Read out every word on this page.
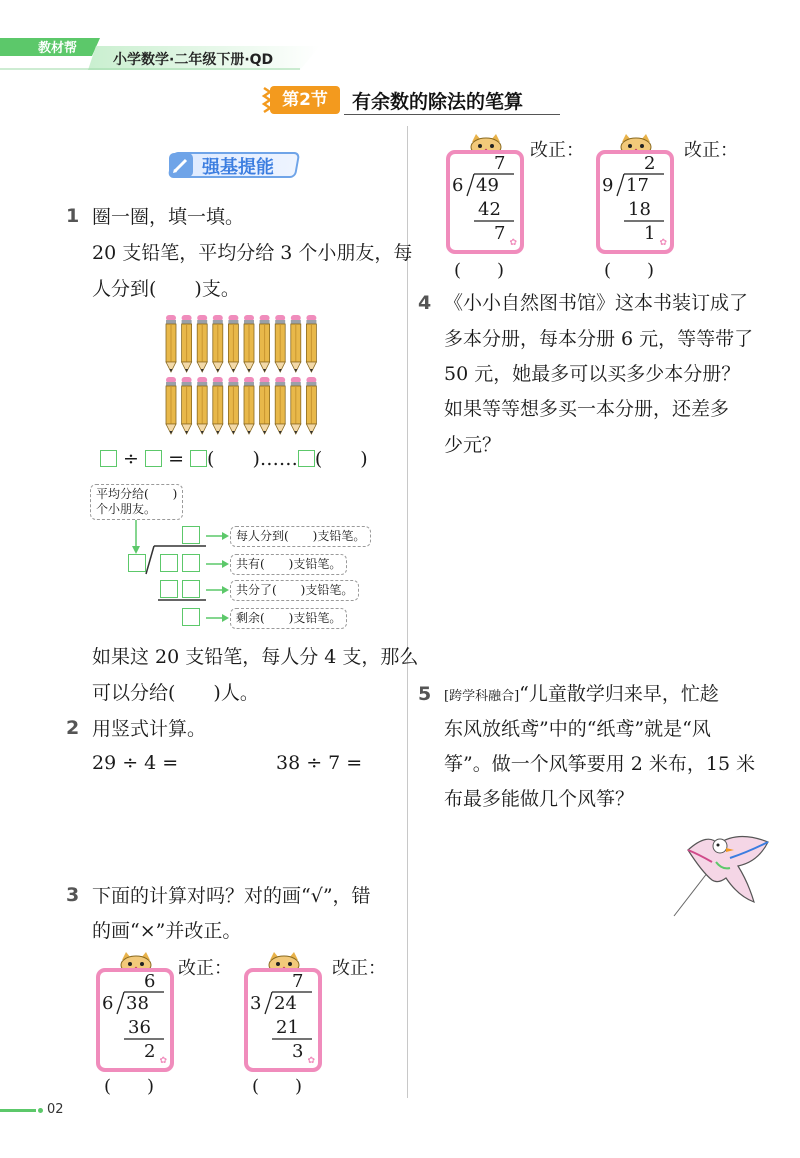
教材帮
小学数学·二年级下册·QD
第2节	有余数的除法的笔算
强基提能
1 圈一圈，填一填。
20 支铅笔，平均分给 3 个小朋友，每
人分到(　　)支。
÷ = (　　)…… (　　)
平均分给(　　)
个小朋友。
每人分到(　　)支铅笔。
共有(　　)支铅笔。
共分了(　　)支铅笔。
剩余(　　)支铅笔。
如果这 20 支铅笔，每人分 4 支，那么
可以分给(　　)人。
2 用竖式计算。
29 ÷ 4 =	38 ÷ 7 =
3 下面的计算对吗？对的画“√”，错
的画“×”并改正。
6
6 38
36
2 ✿
改正：
(　　)
7
3 24
21
3 ✿
改正：
(　　)
7
6 49
42
7 ✿
改正：
(　　)
2
9 17
18
1 ✿
改正：
(　　)
4 《小小自然图书馆》这本书装订成了
多本分册，每本分册 6 元，等等带了
50 元，她最多可以买多少本分册？
如果等等想多买一本分册，还差多
少元？
5 [跨学科融合]“儿童散学归来早，忙趁
东风放纸鸢”中的“纸鸢”就是“风
筝”。做一个风筝要用 2 米布，15 米
布最多能做几个风筝？
02
